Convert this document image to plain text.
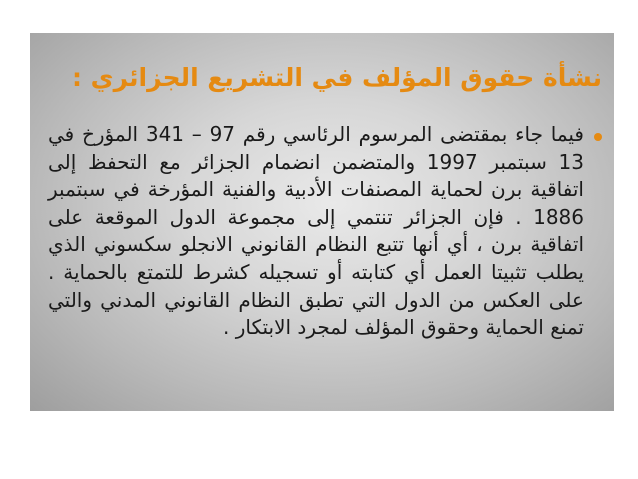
نشأة حقوق المؤلف في التشريع الجزائري :

فيما جاء بمقتضى المرسوم الرئاسي رقم 97 – 341 المؤرخ في 13 سبتمبر 1997 والمتضمن انضمام الجزائر مع التحفظ إلى اتفاقية برن لحماية المصنفات الأدبية والفنية المؤرخة في سبتمبر 1886 . فإن الجزائر تنتمي إلى مجموعة الدول الموقعة على اتفاقية برن ، أي أنها تتبع النظام القانوني الانجلو سكسوني الذي يطلب تثبيتا العمل أي كتابته أو تسجيله كشرط للتمتع بالحماية . على العكس من الدول التي تطبق النظام القانوني المدني والتي تمنع الحماية وحقوق المؤلف لمجرد الابتكار .
